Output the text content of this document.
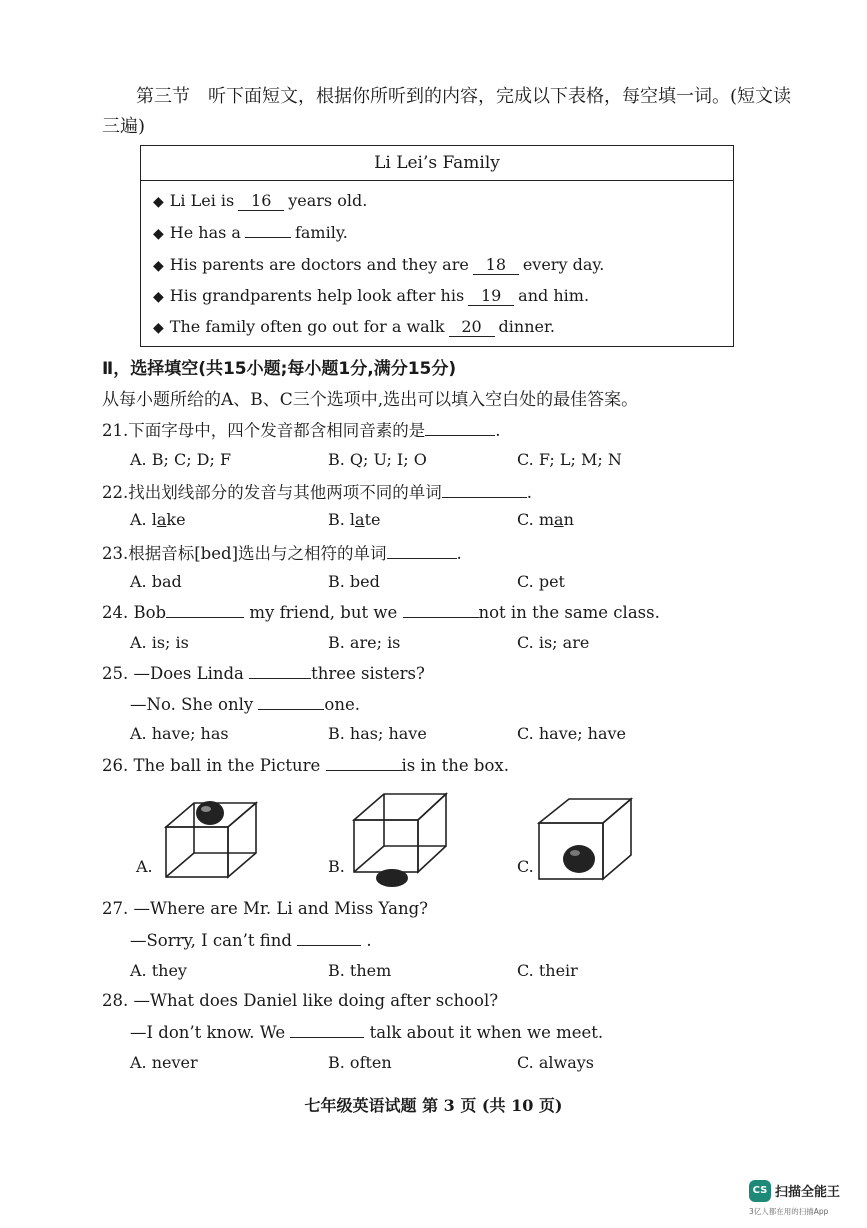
第三节　听下面短文，根据你所听到的内容，完成以下表格，每空填一词。(短文读三遍)
Li Lei’s Family
◆ Li Lei is 16 years old.
◆ He has a	family.
◆ His parents are doctors and they are 18 every day.
◆ His grandparents help look after his 19 and him.
◆ The family often go out for a walk 20 dinner.
Ⅱ，选择填空(共15小题;每小题1分,满分15分)
从每小题所给的A、B、C三个选项中,选出可以填入空白处的最佳答案。
21.下面字母中，四个发音都含相同音素的是	.
A. B; C; D; F	B. Q; U; I; O	C. F; L; M; N
22.找出划线部分的发音与其他两项不同的单词	.
A. lake	B. late	C. man
23.根据音标[bed]选出与之相符的单词	.
A. bad	B. bed	C. pet
24. Bob	my friend, but we	not in the same class.
A. is; is	B. are; is	C. is; are
25. —Does Linda	three sisters?
—No. She only	one.
A. have; has	B. has; have	C. have; have
26. The ball in the Picture	is in the box.
A.	B.	C.
27. —Where are Mr. Li and Miss Yang?
—Sorry, I can’t find	.
A. they	B. them	C. their
28. —What does Daniel like doing after school?
—I don’t know. We	talk about it when we meet.
A. never	B. often	C. always
七年级英语试题 第 3 页 (共 10 页)
CS 扫描全能王
3亿人都在用的扫描App
